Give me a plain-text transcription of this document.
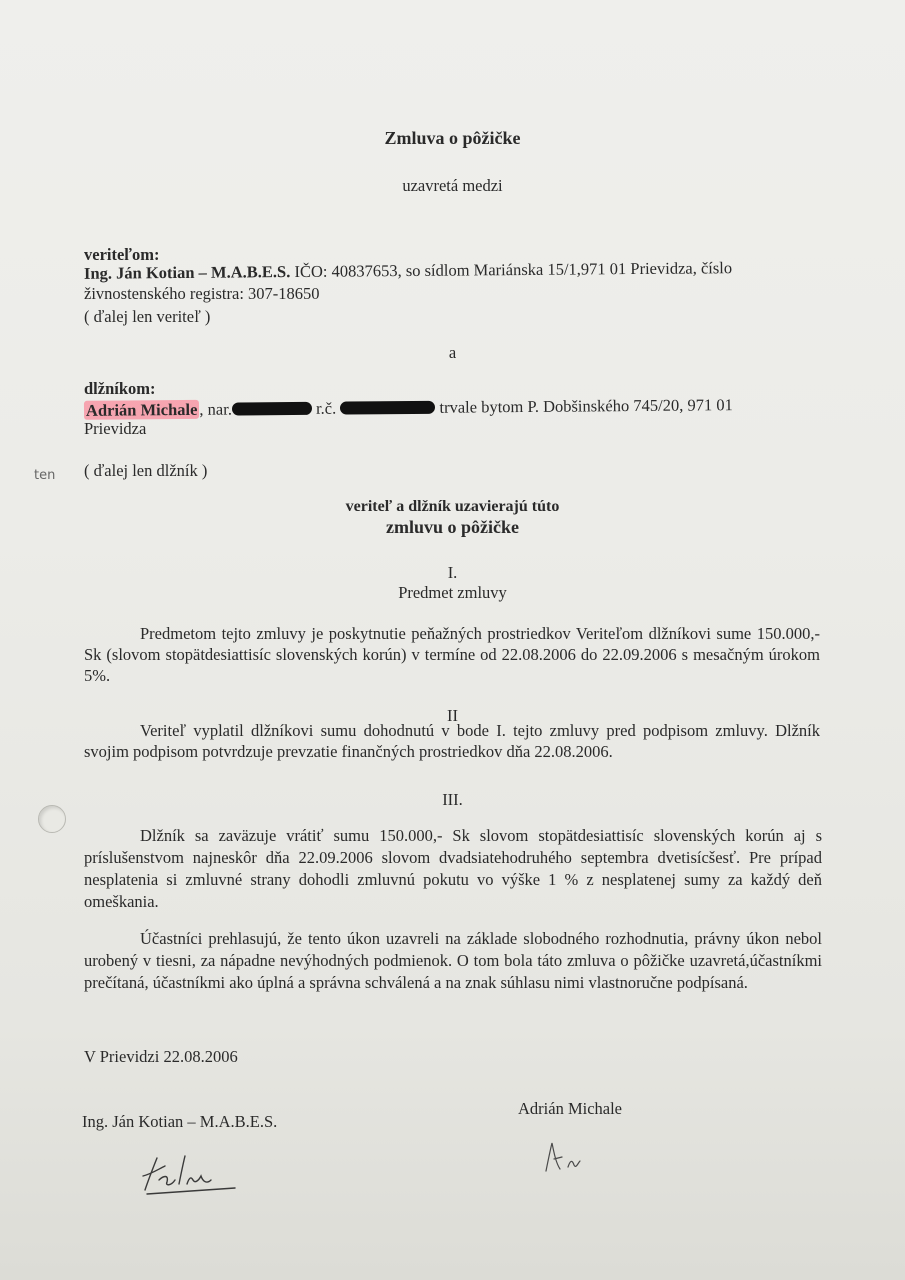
Zmluva o pôžičke
uzavretá medzi
veriteľom:
Ing. Ján Kotian – M.A.B.E.S. IČO: 40837653, so sídlom Mariánska 15/1,971 01 Prievidza, číslo
živnostenského registra: 307-18650
( ďalej len veriteľ )
a
dlžníkom:
Adrián Michale , nar.	r.č.	trvale bytom P. Dobšinského 745/20, 971 01
Prievidza
ten ( ďalej len dlžník )
veriteľ a dlžník uzavierajú túto
zmluvu o pôžičke
I.
Predmet zmluvy
Predmetom tejto zmluvy je poskytnutie peňažných prostriedkov Veriteľom dlžníkovi sume 150.000,- Sk (slovom stopätdesiattisíc slovenských korún) v termíne od 22.08.2006 do 22.09.2006 s mesačným úrokom 5%.
II
Veriteľ vyplatil dlžníkovi sumu dohodnutú v bode I. tejto zmluvy pred podpisom zmluvy. Dlžník svojim podpisom potvrdzuje prevzatie finančných prostriedkov dňa 22.08.2006.
III.
Dlžník sa zaväzuje vrátiť sumu 150.000,- Sk slovom stopätdesiattisíc slovenských korún aj s príslušenstvom najneskôr dňa 22.09.2006 slovom dvadsiatehodruhého septembra dvetisícšesť. Pre prípad nesplatenia si zmluvné strany dohodli zmluvnú pokutu vo výške 1 % z nesplatenej sumy za každý deň omeškania.
Účastníci prehlasujú, že tento úkon uzavreli na základe slobodného rozhodnutia, právny úkon nebol urobený v tiesni, za nápadne nevýhodných podmienok. O tom bola táto zmluva o pôžičke uzavretá,účastníkmi prečítaná, účastníkmi ako úplná a správna schválená a na znak súhlasu nimi vlastnoručne podpísaná.
V Prievidzi 22.08.2006
Ing. Ján Kotian – M.A.B.E.S.
Adrián Michale
